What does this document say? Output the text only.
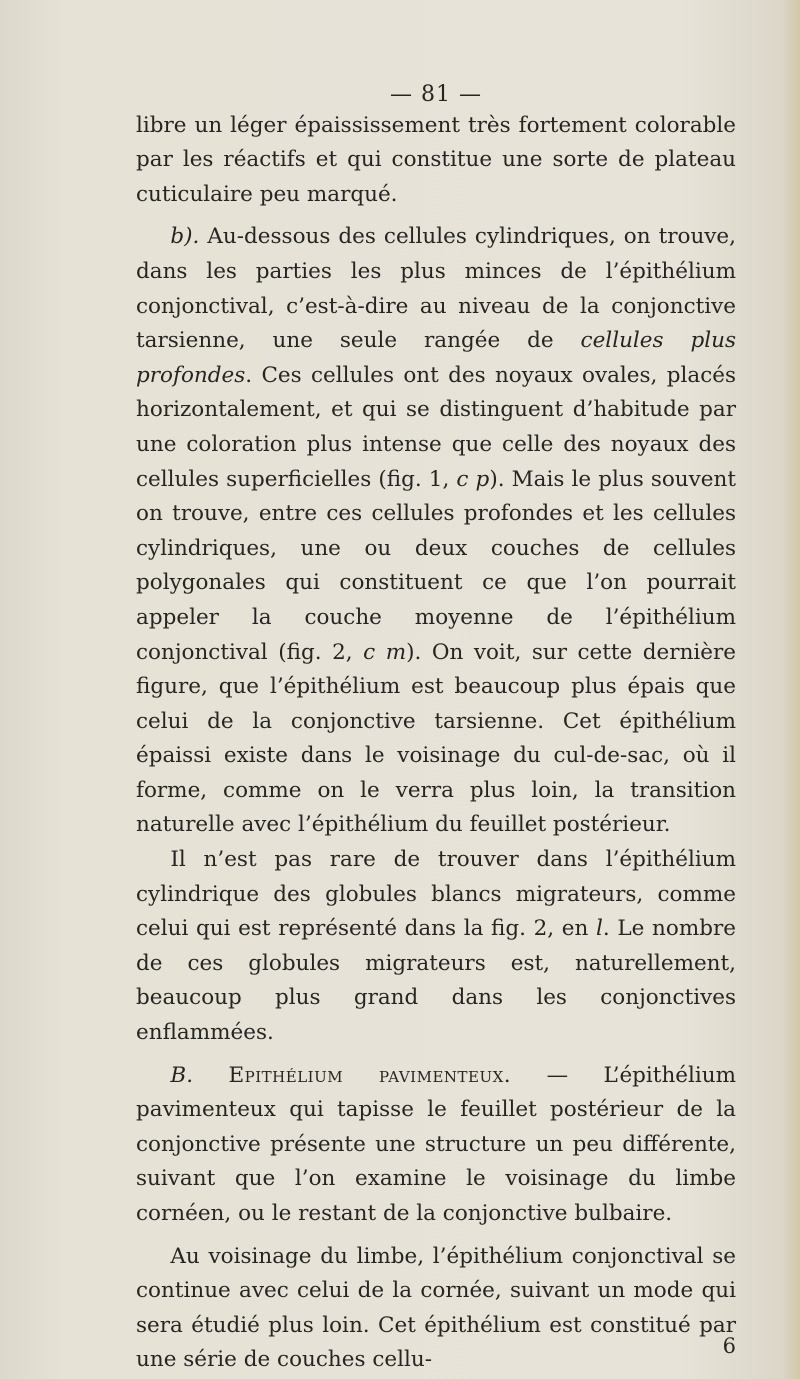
— 81 —

libre un léger épaississement très fortement colorable par les réactifs et qui constitue une sorte de plateau cuticulaire peu marqué.

b). Au-dessous des cellules cylindriques, on trouve, dans les parties les plus minces de l’épithélium conjonctival, c’est-à-dire au niveau de la conjonctive tarsienne, une seule rangée de cellules plus profondes. Ces cellules ont des noyaux ovales, placés horizontalement, et qui se distinguent d’habitude par une coloration plus intense que celle des noyaux des cellules superficielles (fig. 1, c p). Mais le plus souvent on trouve, entre ces cellules profondes et les cellules cylindriques, une ou deux couches de cellules polygonales qui constituent ce que l’on pourrait appeler la couche moyenne de l’épithélium conjonctival (fig. 2, c m). On voit, sur cette dernière figure, que l’épithélium est beaucoup plus épais que celui de la conjonctive tarsienne. Cet épithélium épaissi existe dans le voisinage du cul-de-sac, où il forme, comme on le verra plus loin, la transition naturelle avec l’épithélium du feuillet postérieur.

Il n’est pas rare de trouver dans l’épithélium cylindrique des globules blancs migrateurs, comme celui qui est représenté dans la fig. 2, en l. Le nombre de ces globules migrateurs est, naturellement, beaucoup plus grand dans les conjonctives enflammées.

B. Epithélium pavimenteux. — L’épithélium pavimenteux qui tapisse le feuillet postérieur de la conjonctive présente une structure un peu différente, suivant que l’on examine le voisinage du limbe cornéen, ou le restant de la conjonctive bulbaire.

Au voisinage du limbe, l’épithélium conjonctival se continue avec celui de la cornée, suivant un mode qui sera étudié plus loin. Cet épithélium est constitué par une série de couches cellu-

6
